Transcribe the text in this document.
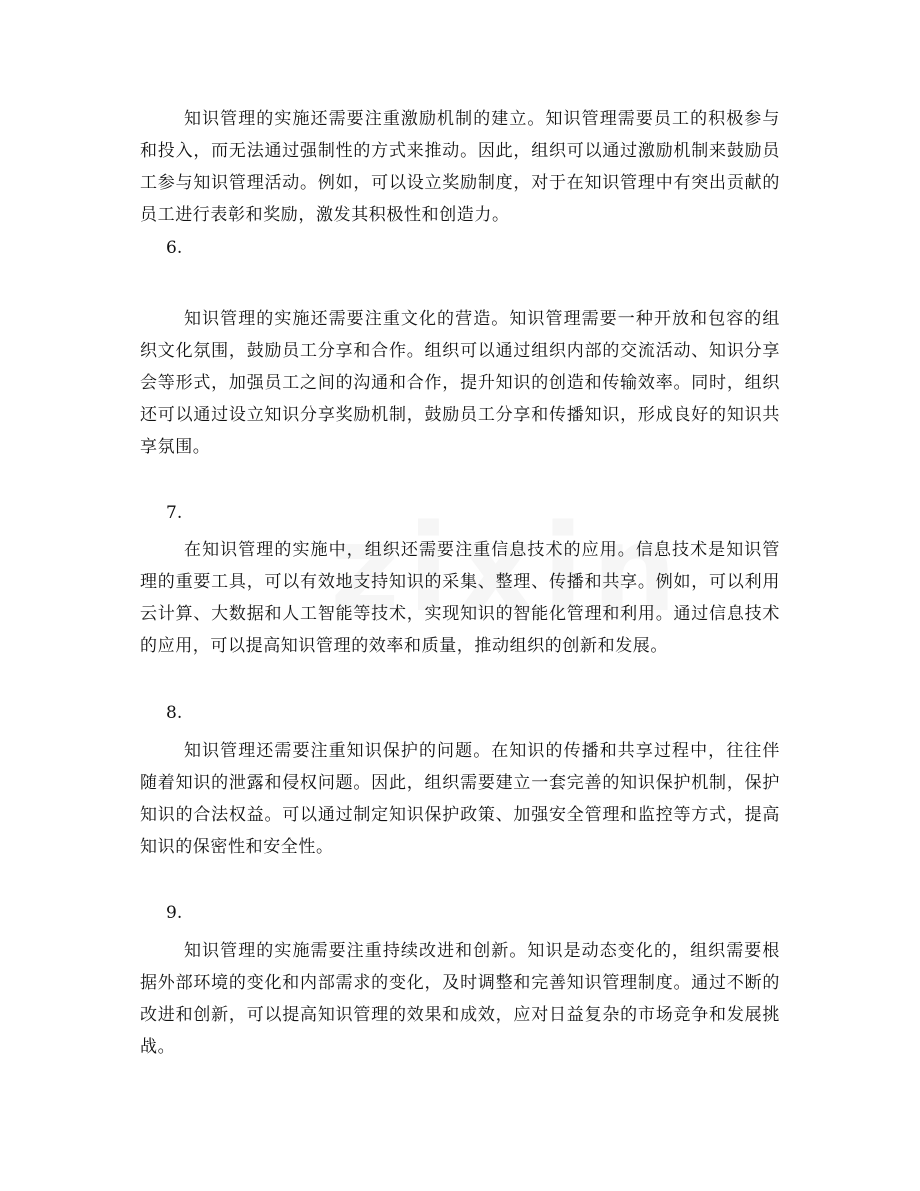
知识管理的实施还需要注重激励机制的建立。知识管理需要员工的积极参与和投入，而无法通过强制性的方式来推动。因此，组织可以通过激励机制来鼓励员工参与知识管理活动。例如，可以设立奖励制度，对于在知识管理中有突出贡献的员工进行表彰和奖励，激发其积极性和创造力。

6.

知识管理的实施还需要注重文化的营造。知识管理需要一种开放和包容的组织文化氛围，鼓励员工分享和合作。组织可以通过组织内部的交流活动、知识分享会等形式，加强员工之间的沟通和合作，提升知识的创造和传输效率。同时，组织还可以通过设立知识分享奖励机制，鼓励员工分享和传播知识，形成良好的知识共享氛围。

7.

在知识管理的实施中，组织还需要注重信息技术的应用。信息技术是知识管理的重要工具，可以有效地支持知识的采集、整理、传播和共享。例如，可以利用云计算、大数据和人工智能等技术，实现知识的智能化管理和利用。通过信息技术的应用，可以提高知识管理的效率和质量，推动组织的创新和发展。

8.

知识管理还需要注重知识保护的问题。在知识的传播和共享过程中，往往伴随着知识的泄露和侵权问题。因此，组织需要建立一套完善的知识保护机制，保护知识的合法权益。可以通过制定知识保护政策、加强安全管理和监控等方式，提高知识的保密性和安全性。

9.

知识管理的实施需要注重持续改进和创新。知识是动态变化的，组织需要根据外部环境的变化和内部需求的变化，及时调整和完善知识管理制度。通过不断的改进和创新，可以提高知识管理的效果和成效，应对日益复杂的市场竞争和发展挑战。
